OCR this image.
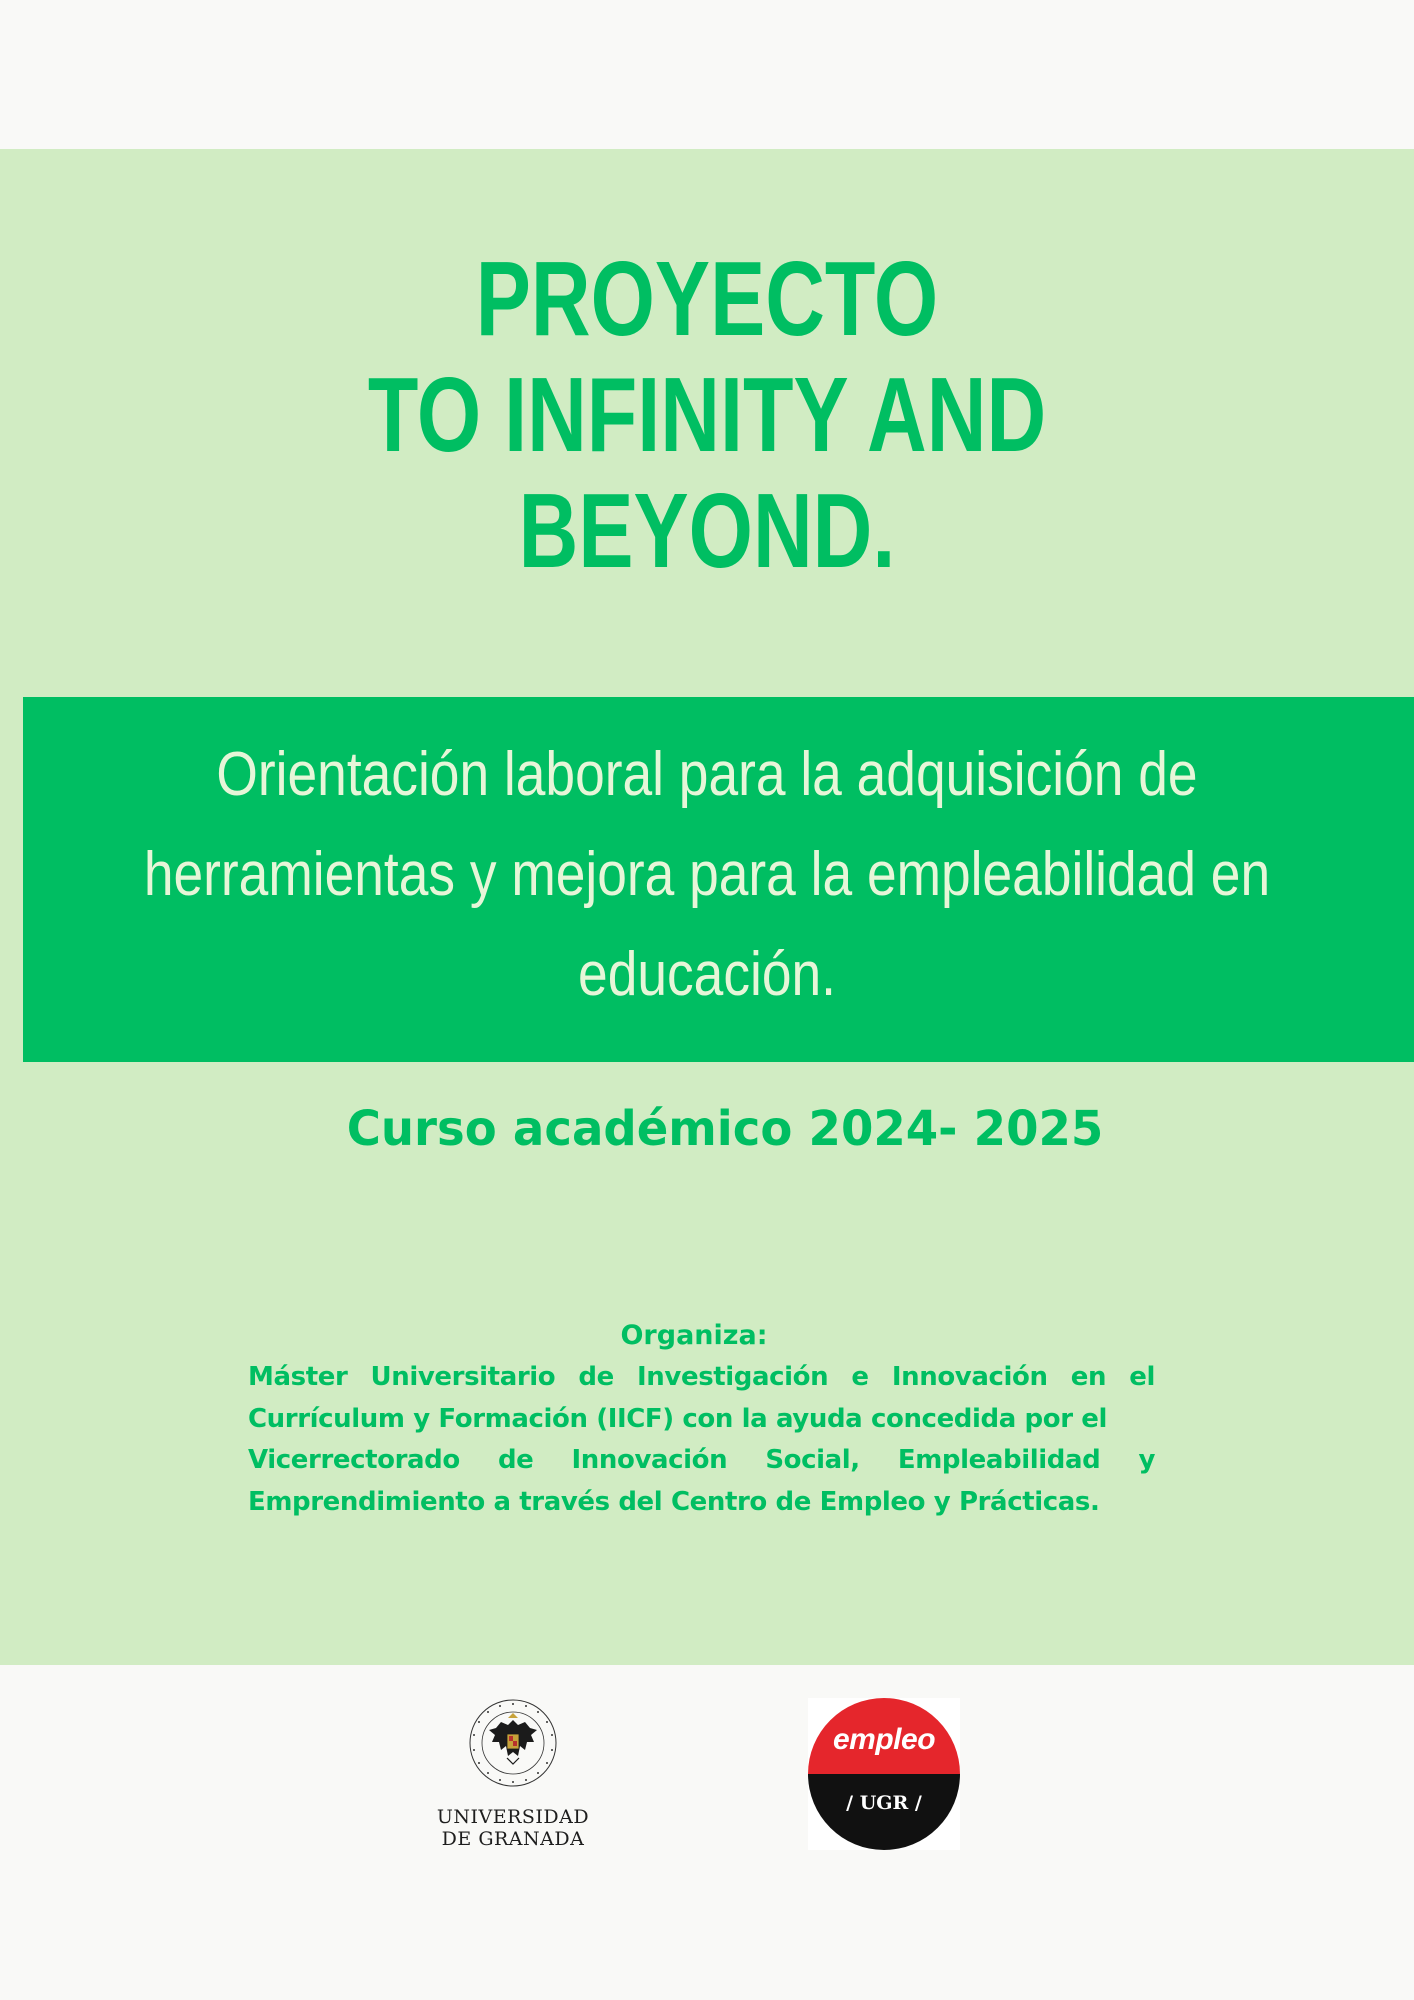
PROYECTO
TO INFINITY AND
BEYOND.

Orientación laboral para la adquisición de
herramientas y mejora para la empleabilidad en
educación.

Curso académico 2024- 2025
Organiza:

Máster Universitario de Investigación e Innovación en el
Currículum y Formación (IICF) con la ayuda concedida por el
Vicerrectorado de Innovación Social, Empleabilidad y
Emprendimiento a través del Centro de Empleo y Prácticas.

UNIVERSIDAD
DE GRANADA
empleo
/ UGR /
